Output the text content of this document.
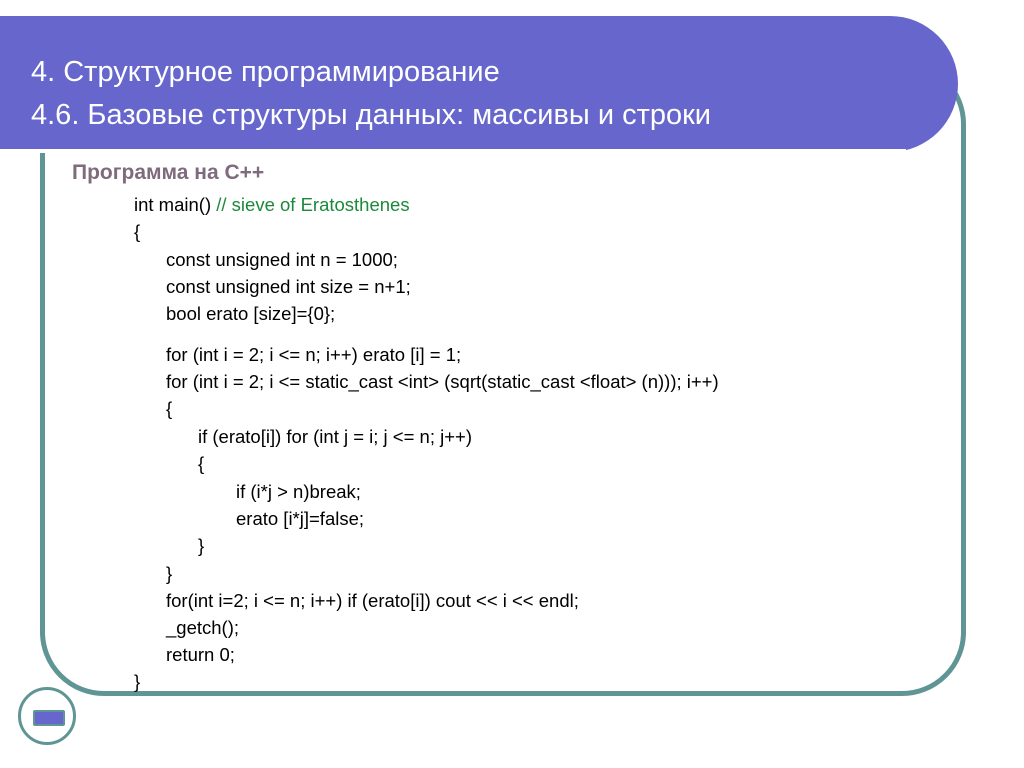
4. Структурное программирование
4.6. Базовые структуры данных: массивы и строки
Программа на С++
int main() // sieve of Eratosthenes
{
const unsigned int n = 1000;
const unsigned int size = n+1;
bool erato [size]={0};
for (int i = 2; i <= n; i++) erato [i] = 1;
for (int i = 2; i <= static_cast <int> (sqrt(static_cast <float> (n))); i++)
{
if (erato[i]) for (int j = i; j <= n; j++)
{
if (i*j > n)break;
erato [i*j]=false;
}
}
for(int i=2; i <= n; i++) if (erato[i]) cout << i << endl;
_getch();
return 0;
}
